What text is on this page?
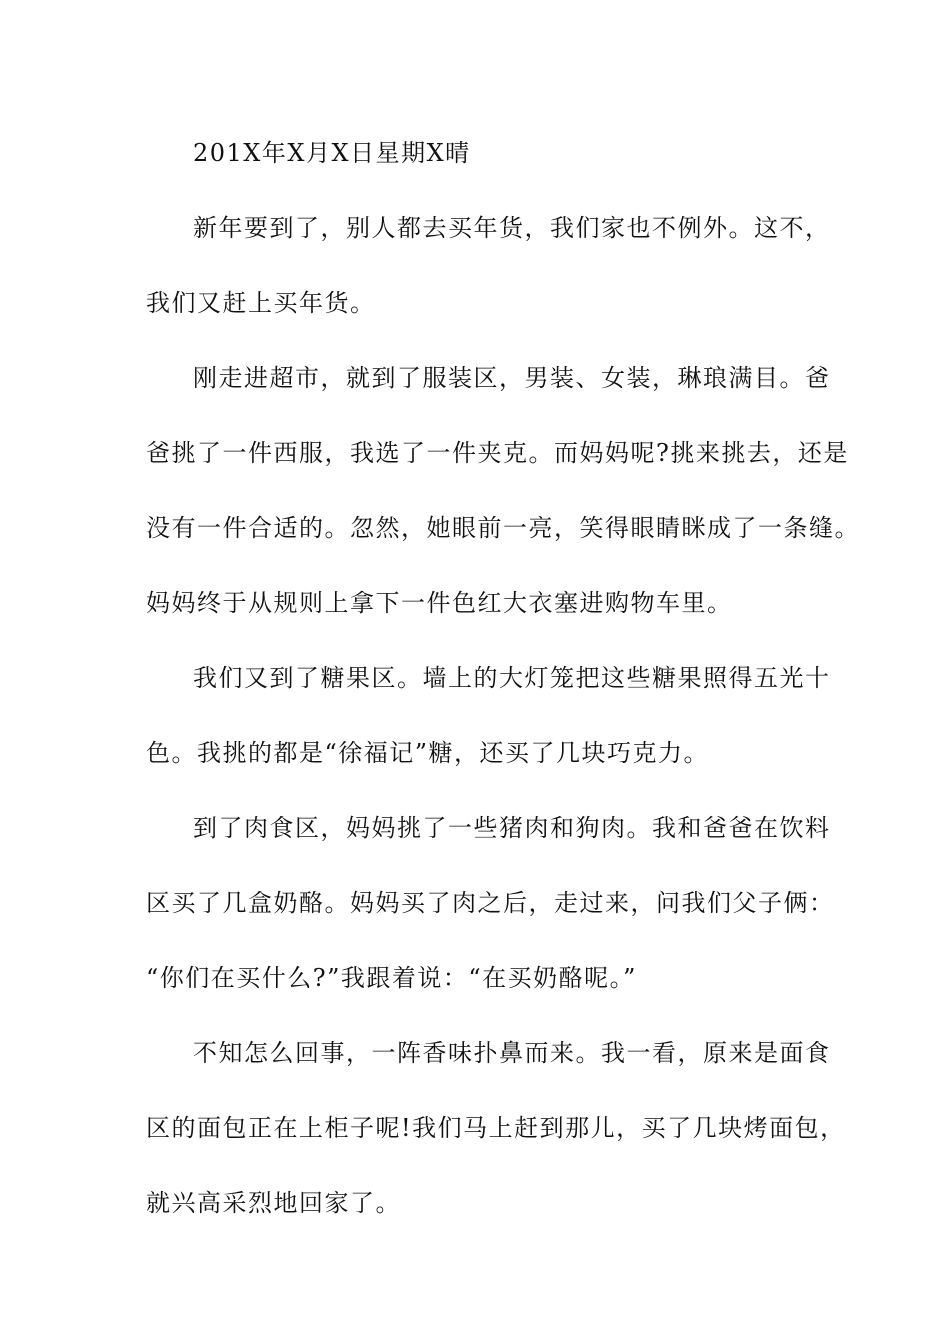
201X年X月X日星期X晴
新年要到了，别人都去买年货，我们家也不例外。这不，
我们又赶上买年货。
刚走进超市，就到了服装区，男装、女装，琳琅满目。爸
爸挑了一件西服，我选了一件夹克。而妈妈呢?挑来挑去，还是
没有一件合适的。忽然，她眼前一亮，笑得眼睛眯成了一条缝。
妈妈终于从规则上拿下一件色红大衣塞进购物车里。
我们又到了糖果区。墙上的大灯笼把这些糖果照得五光十
色。我挑的都是“徐福记”糖，还买了几块巧克力。
到了肉食区，妈妈挑了一些猪肉和狗肉。我和爸爸在饮料
区买了几盒奶酪。妈妈买了肉之后，走过来，问我们父子俩：
“你们在买什么?”我跟着说：“在买奶酪呢。”
不知怎么回事，一阵香味扑鼻而来。我一看，原来是面食
区的面包正在上柜子呢!我们马上赶到那儿，买了几块烤面包，
就兴高采烈地回家了。
